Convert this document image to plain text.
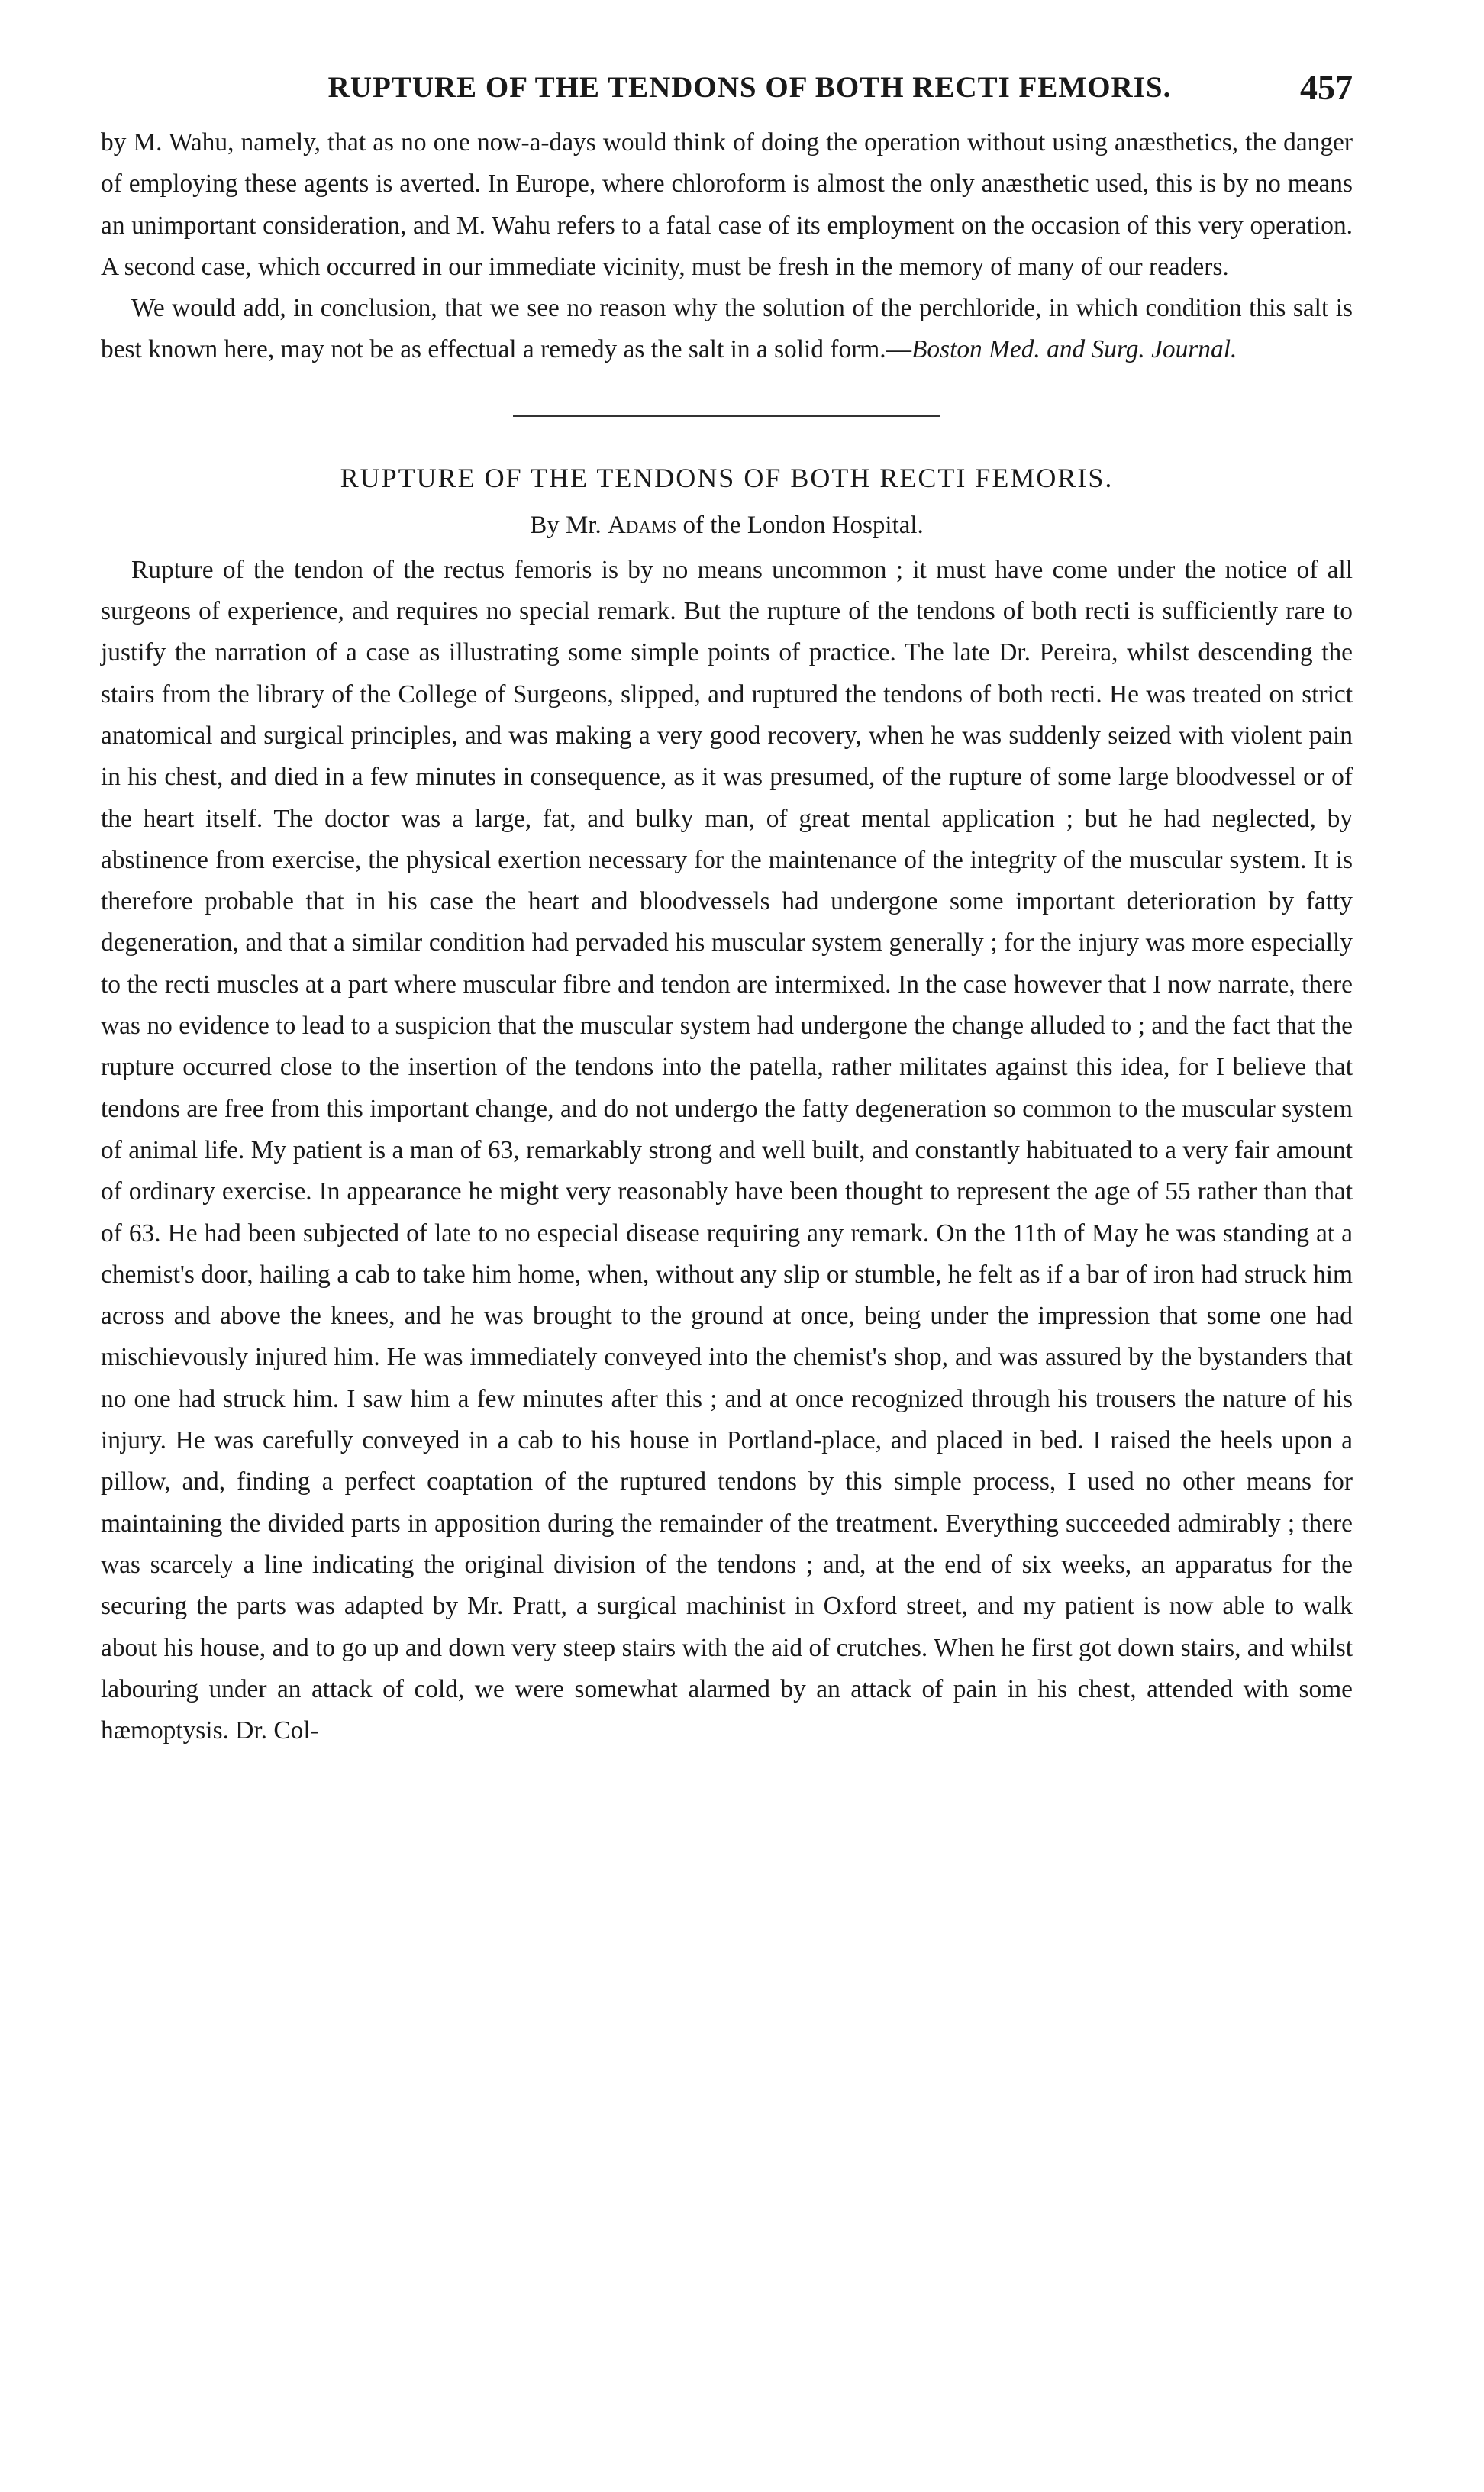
RUPTURE OF THE TENDONS OF BOTH RECTI FEMORIS.	457

by M. Wahu, namely, that as no one now-a-days would think of doing the operation without using anæsthetics, the danger of employing these agents is averted. In Europe, where chloroform is almost the only anæsthetic used, this is by no means an unimportant consideration, and M. Wahu refers to a fatal case of its employment on the occasion of this very operation. A second case, which occurred in our immediate vicinity, must be fresh in the memory of many of our readers.

We would add, in conclusion, that we see no reason why the solution of the perchloride, in which condition this salt is best known here, may not be as effectual a remedy as the salt in a solid form.—Boston Med. and Surg. Journal.

RUPTURE OF THE TENDONS OF BOTH RECTI FEMORIS.
By Mr. Adams of the London Hospital.

Rupture of the tendon of the rectus femoris is by no means uncommon ; it must have come under the notice of all surgeons of experience, and requires no special remark. But the rupture of the tendons of both recti is sufficiently rare to justify the narration of a case as illustrating some simple points of practice. The late Dr. Pereira, whilst descending the stairs from the library of the College of Surgeons, slipped, and ruptured the tendons of both recti. He was treated on strict anatomical and surgical principles, and was making a very good recovery, when he was suddenly seized with violent pain in his chest, and died in a few minutes in consequence, as it was presumed, of the rupture of some large bloodvessel or of the heart itself. The doctor was a large, fat, and bulky man, of great mental application ; but he had neglected, by abstinence from exercise, the physical exertion necessary for the maintenance of the integrity of the muscular system. It is therefore probable that in his case the heart and bloodvessels had undergone some important deterioration by fatty degeneration, and that a similar condition had pervaded his muscular system generally ; for the injury was more especially to the recti muscles at a part where muscular fibre and tendon are intermixed. In the case however that I now narrate, there was no evidence to lead to a suspicion that the muscular system had undergone the change alluded to ; and the fact that the rupture occurred close to the insertion of the tendons into the patella, rather militates against this idea, for I believe that tendons are free from this important change, and do not undergo the fatty degeneration so common to the muscular system of animal life. My patient is a man of 63, remarkably strong and well built, and constantly habituated to a very fair amount of ordinary exercise. In appearance he might very reasonably have been thought to represent the age of 55 rather than that of 63. He had been subjected of late to no especial disease requiring any remark. On the 11th of May he was standing at a chemist's door, hailing a cab to take him home, when, without any slip or stumble, he felt as if a bar of iron had struck him across and above the knees, and he was brought to the ground at once, being under the impression that some one had mischievously injured him. He was immediately conveyed into the chemist's shop, and was assured by the bystanders that no one had struck him. I saw him a few minutes after this ; and at once recognized through his trousers the nature of his injury. He was carefully conveyed in a cab to his house in Portland-place, and placed in bed. I raised the heels upon a pillow, and, finding a perfect coaptation of the ruptured tendons by this simple process, I used no other means for maintaining the divided parts in apposition during the remainder of the treatment. Everything succeeded admirably ; there was scarcely a line indicating the original division of the tendons ; and, at the end of six weeks, an apparatus for the securing the parts was adapted by Mr. Pratt, a surgical machinist in Oxford street, and my patient is now able to walk about his house, and to go up and down very steep stairs with the aid of crutches. When he first got down stairs, and whilst labouring under an attack of cold, we were somewhat alarmed by an attack of pain in his chest, attended with some hæmoptysis. Dr. Col-
